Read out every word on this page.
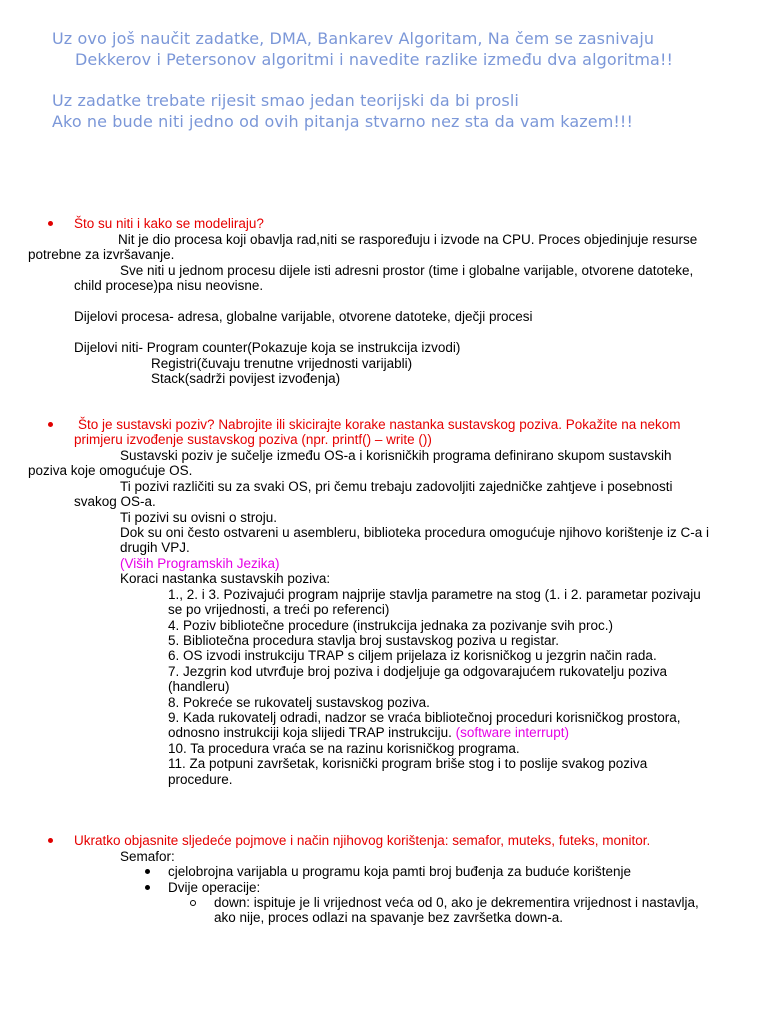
Uz ovo još naučit zadatke, DMA, Bankarev Algoritam, Na čem se zasnivaju
Dekkerov i Petersonov algoritmi i navedite razlike između dva algoritma!!
Uz zadatke trebate rijesit smao jedan teorijski da bi prosli
Ako ne bude niti jedno od ovih pitanja stvarno nez sta da vam kazem!!!
Što su niti i kako se modeliraju?
Nit je dio procesa koji obavlja rad,niti se raspoređuju i izvode na CPU. Proces objedinjuje resurse
potrebne za izvršavanje.
Sve niti u jednom procesu dijele isti adresni prostor (time i globalne varijable, otvorene datoteke,
child procese)pa nisu neovisne.
Dijelovi procesa- adresa, globalne varijable, otvorene datoteke, dječji procesi
Dijelovi niti- Program counter(Pokazuje koja se instrukcija izvodi)
Registri(čuvaju trenutne vrijednosti varijabli)
Stack(sadrži povijest izvođenja)
Što je sustavski poziv? Nabrojite ili skicirajte korake nastanka sustavskog poziva. Pokažite na nekom
primjeru izvođenje sustavskog poziva (npr. printf() – write ())
Sustavski poziv je sučelje između OS-a i korisničkih programa definirano skupom sustavskih
poziva koje omogućuje OS.
Ti pozivi različiti su za svaki OS, pri čemu trebaju zadovoljiti zajedničke zahtjeve i posebnosti
svakog OS-a.
Ti pozivi su ovisni o stroju.
Dok su oni često ostvareni u asembleru, biblioteka procedura omogućuje njihovo korištenje iz C-a i
drugih VPJ.
(Viših Programskih Jezika)
Koraci nastanka sustavskih poziva:
1., 2. i 3. Pozivajući program najprije stavlja parametre na stog (1. i 2. parametar pozivaju
se po vrijednosti, a treći po referenci)
4. Poziv bibliotečne procedure (instrukcija jednaka za pozivanje svih proc.)
5. Bibliotečna procedura stavlja broj sustavskog poziva u registar.
6. OS izvodi instrukciju TRAP s ciljem prijelaza iz korisničkog u jezgrin način rada.
7. Jezgrin kod utvrđuje broj poziva i dodjeljuje ga odgovarajućem rukovatelju poziva
(handleru)
8. Pokreće se rukovatelj sustavskog poziva.
9. Kada rukovatelj odradi, nadzor se vraća bibliotečnoj proceduri korisničkog prostora,
odnosno instrukciji koja slijedi TRAP instrukciju. (software interrupt)
10. Ta procedura vraća se na razinu korisničkog programa.
11. Za potpuni završetak, korisnički program briše stog i to poslije svakog poziva
procedure.
Ukratko objasnite sljedeće pojmove i način njihovog korištenja: semafor, muteks, futeks, monitor.
Semafor:
cjelobrojna varijabla u programu koja pamti broj buđenja za buduće korištenje
Dvije operacije:
down: ispituje je li vrijednost veća od 0, ako je dekrementira vrijednost i nastavlja,
ako nije, proces odlazi na spavanje bez završetka down-a.
